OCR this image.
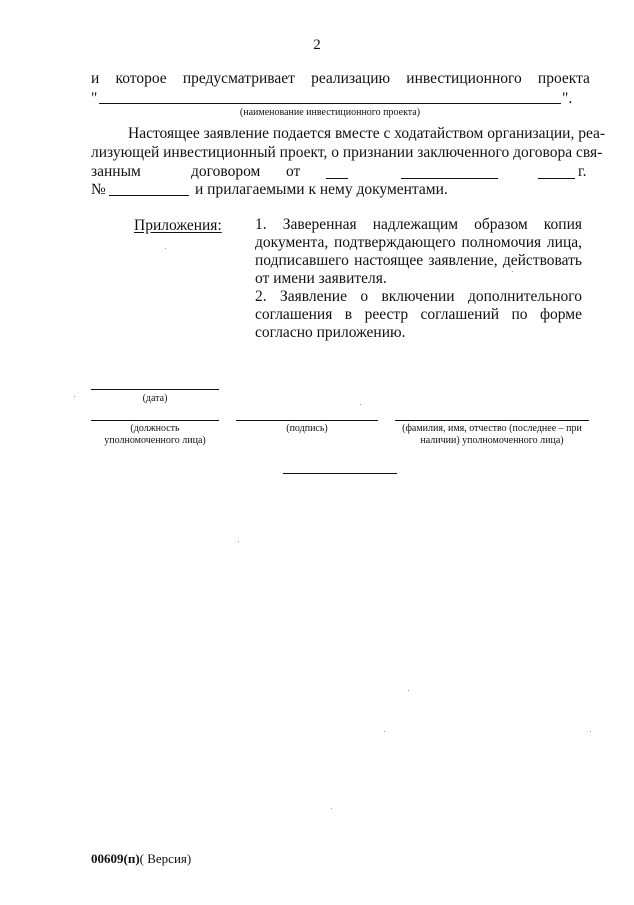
2
и которое предусматривает реализацию инвестиционного проекта
"	".
(наименование инвестиционного проекта)
Настоящее заявление подается вместе с ходатайством организации, реа-
лизующей инвестиционный проект, о признании заключенного договора свя-
занным	договором от	г.
№	и прилагаемыми к нему документами.
Приложения: 1. Заверенная надлежащим образом копия документа, подтверждающего полномочия лица, подписавшего настоящее заявление, действовать от имени заявителя.

2. Заявление о включении дополнительного соглашения в реестр соглашений по форме согласно приложению.

(дата)
(должность уполномоченного лица)
(подпись)	(фамилия, имя, отчество (последнее – при наличии) уполномоченного лица)
00609(п)( Версия)
